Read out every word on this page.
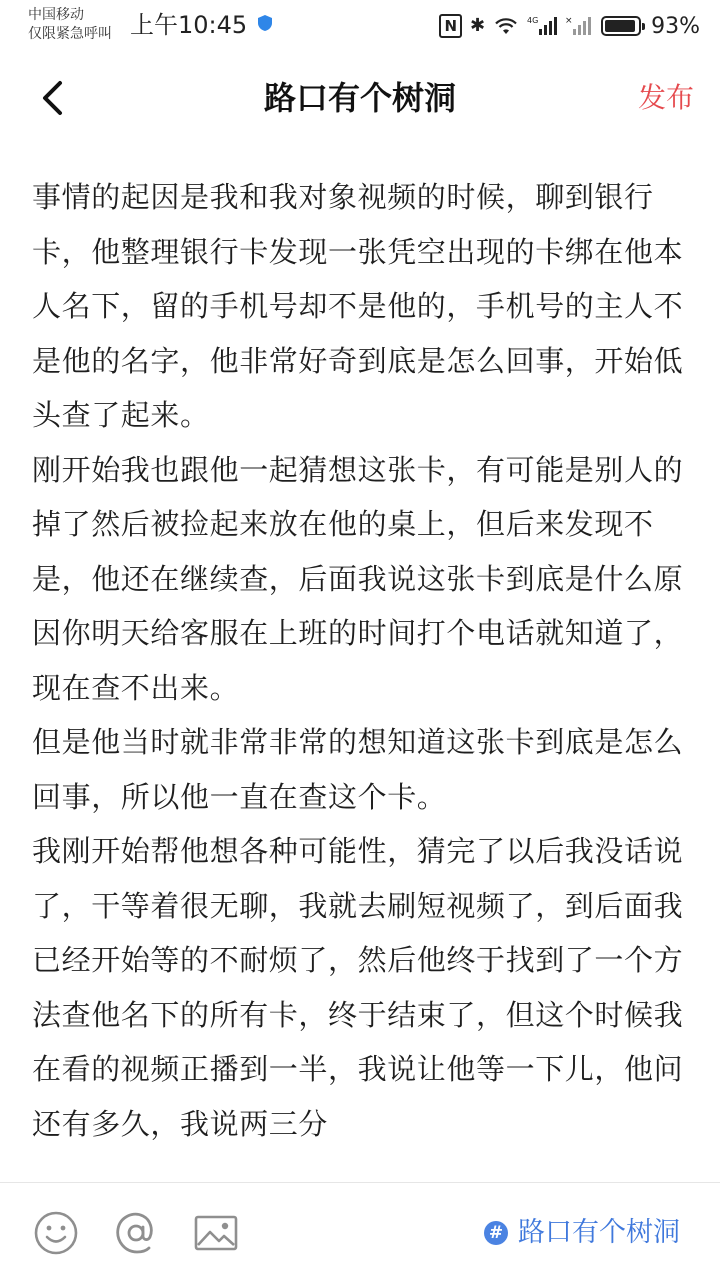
中国移动
仅限紧急呼叫 上午10:45	N ✱	4G	×	93%
路口有个树洞	发布

事情的起因是我和我对象视频的时候，聊到银行卡，他整理银行卡发现一张凭空出现的卡绑在他本人名下，留的手机号却不是他的，手机号的主人不是他的名字，他非常好奇到底是怎么回事，开始低头查了起来。

刚开始我也跟他一起猜想这张卡，有可能是别人的掉了然后被捡起来放在他的桌上，但后来发现不是，他还在继续查，后面我说这张卡到底是什么原因你明天给客服在上班的时间打个电话就知道了，现在查不出来。

但是他当时就非常非常的想知道这张卡到底是怎么回事，所以他一直在查这个卡。

我刚开始帮他想各种可能性，猜完了以后我没话说了，干等着很无聊，我就去刷短视频了，到后面我已经开始等的不耐烦了，然后他终于找到了一个方法查他名下的所有卡，终于结束了，但这个时候我在看的视频正播到一半，我说让他等一下儿，他问还有多久，我说两三分

# 路口有个树洞
